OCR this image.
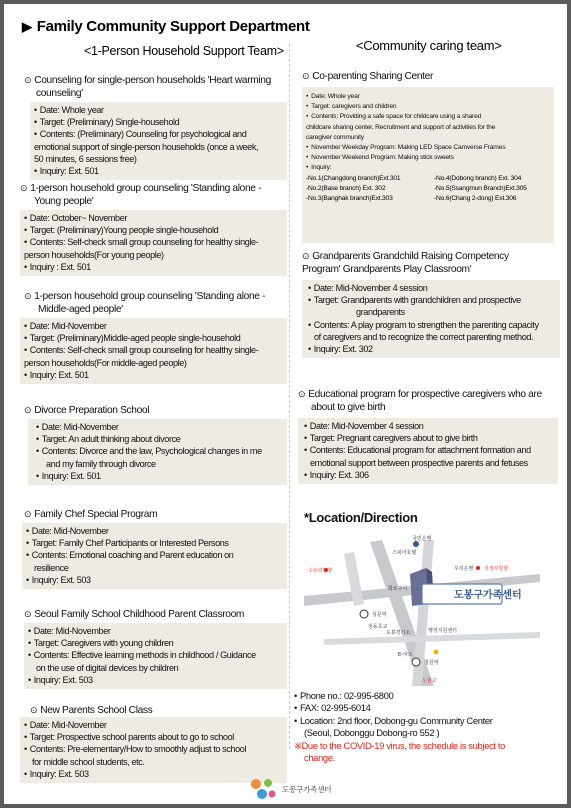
▶ Family Community Support Department
<1-Person Household Support Team>	<Community caring team>
⊙ Counseling for single-person households 'Heart warming
counseling'
• Date: Whole year
• Target: (Preliminary) Single-household
• Contents: (Preliminary) Counseling for psychological and
emotional support of single-person households (once a week,
50 minutes, 6 sessions free)
• Inquiry: Ext. 501
⊙ 1-person household group counseling 'Standing alone -
Young people'
• Date: October~ November
• Target: (Preliminary)Young people single-household
• Contents: Self-check small group counseling for healthy single-
person households(For young people)
• Inquiry : Ext. 501
⊙ 1-person household group counseling 'Standing alone -
Middle-aged people'
• Date: Mid-November
• Target: (Preliminary)Middle-aged people single-household
• Contents: Self-check small group counseling for healthy single-
person households(For middle-aged people)
• Inquiry: Ext. 501
⊙ Divorce Preparation School
• Date: Mid-November
• Target: An adult thinking about divorce
• Contents: Divorce and the law, Psychological changes in me
and my family through divorce
• Inquiry: Ext. 501
⊙ Family Chef Special Program
• Date: Mid-November
• Target: Family Chef Participants or Interested Persons
• Contents: Emotional coaching and Parent education on
resilience
• Inquiry: Ext. 503
⊙ Seoul Family School Childhood Parent Classroom
• Date: Mid-November
• Target: Caregivers with young children
• Contents: Effective learning methods in childhood / Guidance
on the use of digital devices by children
• Inquiry: Ext. 503
⊙ New Parents School Class
• Date: Mid-November
• Target: Prospective school parents about to go to school
• Contents: Pre-elementary/How to smoothly adjust to school
for middle school students, etc.
• Inquiry: Ext. 503
⊙ Co-parenting Sharing Center
• Date: Whole year
• Target: caregivers and children
• Contents: Providing a safe space for childcare using a shared
childcare sharing center, Recruitment and support of activities for the
caregiver community
• November Weekday Program: Making LED Space Camverse Frames
• November Weekend Program: Making stick sweets
• Inquiry:
-No.1(Changdong branch)Ext.301	-No.4(Dobong branch) Ext. 304
-No.2(Base branch) Ext. 302	-No.5(Ssangmun Branch)Ext.305
-No.3(Banghak branch)Ext.303	-No.6(Chang 2-dong) Ext.306
⊙ Grandparents Grandchild Raising Competency
Program' Grandparents Play Classroom'
• Date: Mid-November 4 session
• Target: Grandparents with grandchildren and prospective
grandparents
• Contents: A play program to strengthen the parenting capacity
of caregivers and to recognize the correct parenting method.
• Inquiry: Ext. 302
⊙ Educational program for prospective caregivers who are
about to give birth
• Date: Mid-November 4 session
• Target: Pregnant caregivers about to give birth
• Contents: Educational program for attachment formation and
emotional support between prospective parents and fetuses
• Inquiry: Ext. 306
*Location/Direction
도봉구가족센터
스피어호텔
국민은행
수유리방향	우리은행 의정부방향
화로구이
성문역
창동초교
도봉경기소
E-마트
청원역
행정지원센터
노원교
• Phone no.: 02-995-6800
• FAX: 02-995-6014
• Location: 2nd floor, Dobong-gu Community Center
(Seoul, Dobonggu Dobong-ro 552 )
※Due to the COVID-19 virus, the schedule is subject to
change.
도봉구가족센터
